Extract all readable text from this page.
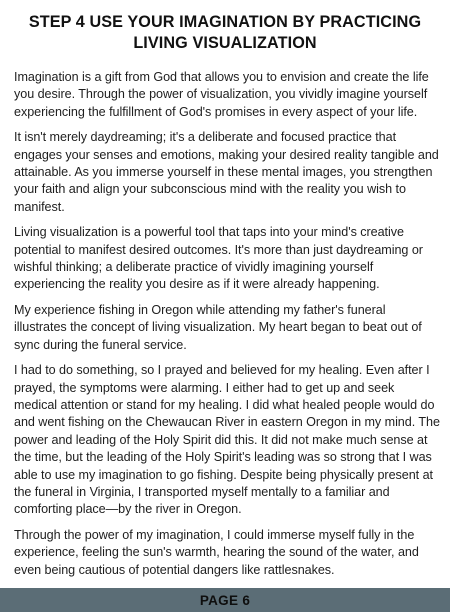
STEP 4 USE YOUR IMAGINATION BY PRACTICING LIVING VISUALIZATION

Imagination is a gift from God that allows you to envision and create the life you desire. Through the power of visualization, you vividly imagine yourself experiencing the fulfillment of God's promises in every aspect of your life.

It isn't merely daydreaming; it's a deliberate and focused practice that engages your senses and emotions, making your desired reality tangible and attainable. As you immerse yourself in these mental images, you strengthen your faith and align your subconscious mind with the reality you wish to manifest.

Living visualization is a powerful tool that taps into your mind's creative potential to manifest desired outcomes. It's more than just daydreaming or wishful thinking; a deliberate practice of vividly imagining yourself experiencing the reality you desire as if it were already happening.

My experience fishing in Oregon while attending my father's funeral illustrates the concept of living visualization. My heart began to beat out of sync during the funeral service.

I had to do something, so I prayed and believed for my healing. Even after I prayed, the symptoms were alarming. I either had to get up and seek medical attention or stand for my healing. I did what healed people would do and went fishing on the Chewaucan River in eastern Oregon in my mind. The power and leading of the Holy Spirit did this. It did not make much sense at the time, but the leading of the Holy Spirit's leading was so strong that I was able to use my imagination to go fishing. Despite being physically present at the funeral in Virginia, I transported myself mentally to a familiar and comforting place—by the river in Oregon.

Through the power of my imagination, I could immerse myself fully in the experience, feeling the sun's warmth, hearing the sound of the water, and even being cautious of potential dangers like rattlesnakes.

PAGE 6
